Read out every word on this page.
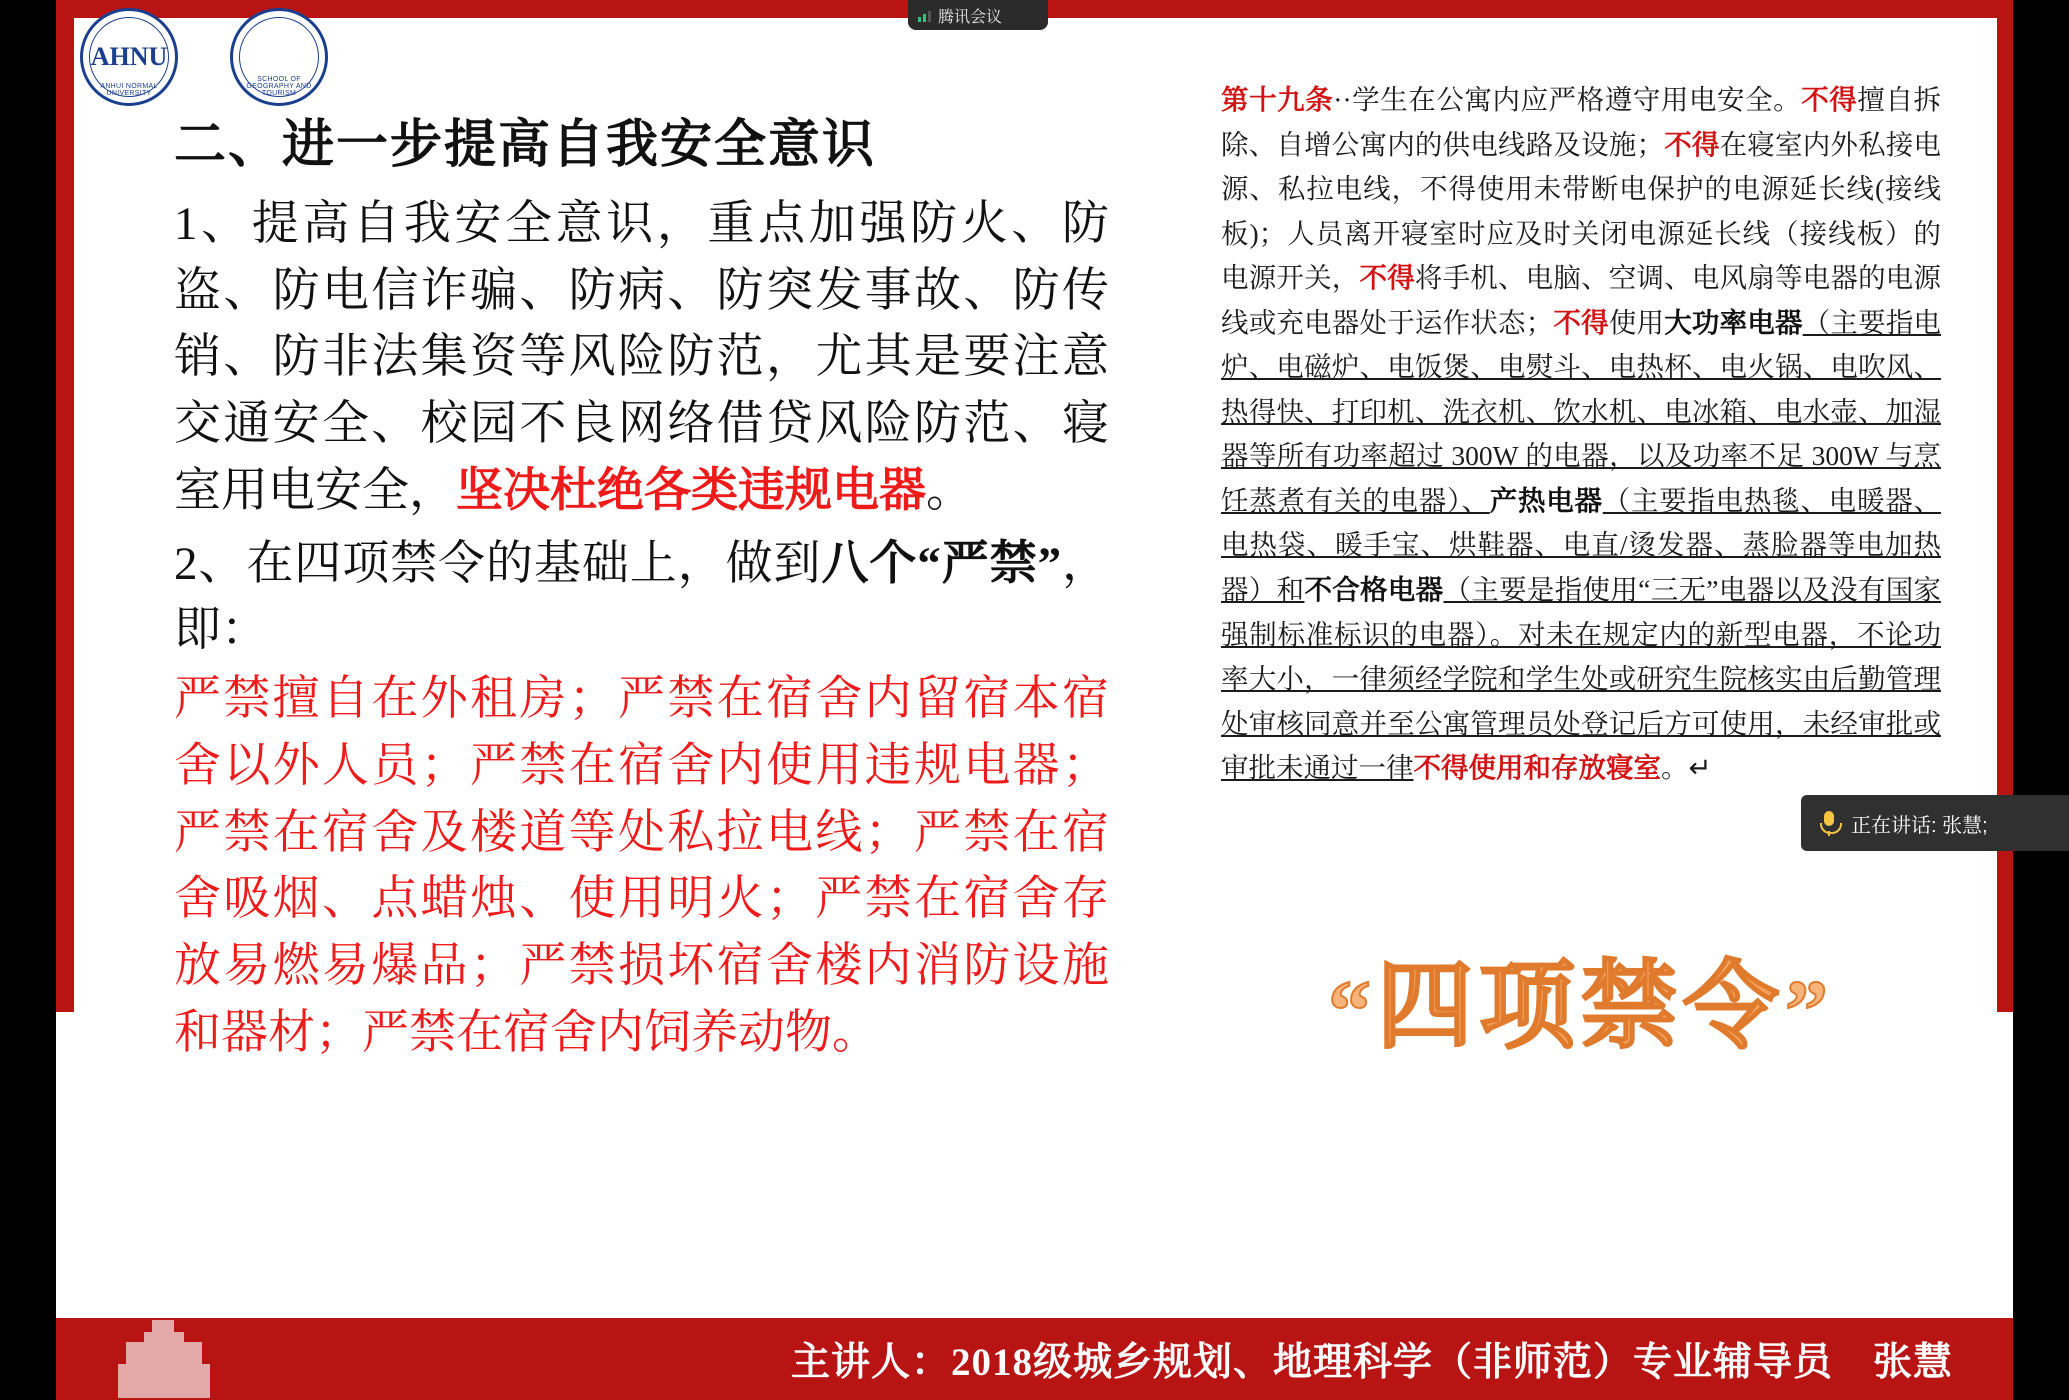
AHNU
ANHUI NORMAL UNIVERSITY
SCHOOL OF GEOGRAPHY AND TOURISM
二、进一步提高自我安全意识
1、提高自我安全意识，重点加强防火、防盗、防电信诈骗、防病、防突发事故、防传销、防非法集资等风险防范，尤其是要注意交通安全、校园不良网络借贷风险防范、寝室用电安全，坚决杜绝各类违规电器。
2、在四项禁令的基础上，做到八个“严禁”，即：
严禁擅自在外租房；严禁在宿舍内留宿本宿舍以外人员；严禁在宿舍内使用违规电器；严禁在宿舍及楼道等处私拉电线；严禁在宿舍吸烟、点蜡烛、使用明火；严禁在宿舍存放易燃易爆品；严禁损坏宿舍楼内消防设施和器材；严禁在宿舍内饲养动物。
第十九条··学生在公寓内应严格遵守用电安全。不得擅自拆除、自增公寓内的供电线路及设施；不得在寝室内外私接电源、私拉电线，不得使用未带断电保护的电源延长线(接线板)；人员离开寝室时应及时关闭电源延长线（接线板）的电源开关，不得将手机、电脑、空调、电风扇等电器的电源线或充电器处于运作状态；不得使用大功率电器（主要指电炉、电磁炉、电饭煲、电熨斗、电热杯、电火锅、电吹风、热得快、打印机、洗衣机、饮水机、电冰箱、电水壶、加湿器等所有功率超过 300W 的电器，以及功率不足 300W 与烹饪蒸煮有关的电器）、产热电器（主要指电热毯、电暖器、电热袋、暖手宝、烘鞋器、电直/烫发器、蒸脸器等电加热器）和不合格电器（主要是指使用“三无”电器以及没有国家强制标准标识的电器）。对未在规定内的新型电器，不论功率大小，一律须经学院和学生处或研究生院核实由后勤管理处审核同意并至公寓管理员处登记后方可使用，未经审批或审批未通过一律不得使用和存放寝室。↵
“四项禁令”
主讲人：2018级城乡规划、地理科学（非师范）专业辅导员　张慧
腾讯会议
正在讲话: 张慧;
